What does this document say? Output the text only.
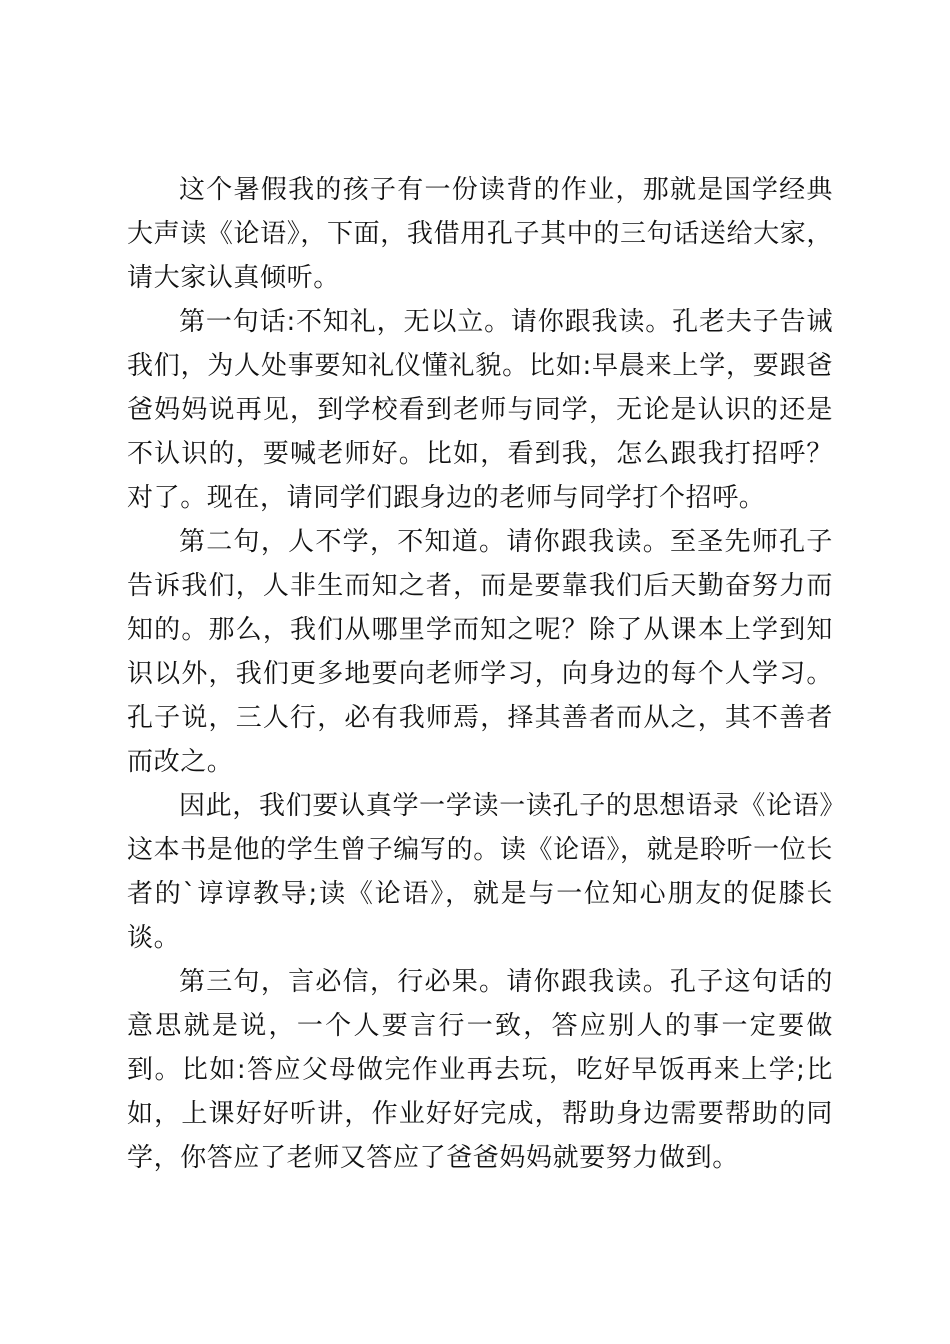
这个暑假我的孩子有一份读背的作业，那就是国学经典大声读《论语》，下面，我借用孔子其中的三句话送给大家，请大家认真倾听。

第一句话:不知礼，无以立。请你跟我读。孔老夫子告诫我们，为人处事要知礼仪懂礼貌。比如:早晨来上学，要跟爸爸妈妈说再见，到学校看到老师与同学，无论是认识的还是不认识的，要喊老师好。比如，看到我，怎么跟我打招呼？对了。现在，请同学们跟身边的老师与同学打个招呼。

第二句，人不学，不知道。请你跟我读。至圣先师孔子告诉我们，人非生而知之者，而是要靠我们后天勤奋努力而知的。那么，我们从哪里学而知之呢？除了从课本上学到知识以外，我们更多地要向老师学习，向身边的每个人学习。孔子说，三人行，必有我师焉，择其善者而从之，其不善者而改之。

因此，我们要认真学一学读一读孔子的思想语录《论语》这本书是他的学生曾子编写的。读《论语》，就是聆听一位长者的`谆谆教导;读《论语》，就是与一位知心朋友的促膝长谈。

第三句，言必信，行必果。请你跟我读。孔子这句话的意思就是说，一个人要言行一致，答应别人的事一定要做到。比如:答应父母做完作业再去玩，吃好早饭再来上学;比如，上课好好听讲，作业好好完成，帮助身边需要帮助的同学，你答应了老师又答应了爸爸妈妈就要努力做到。
